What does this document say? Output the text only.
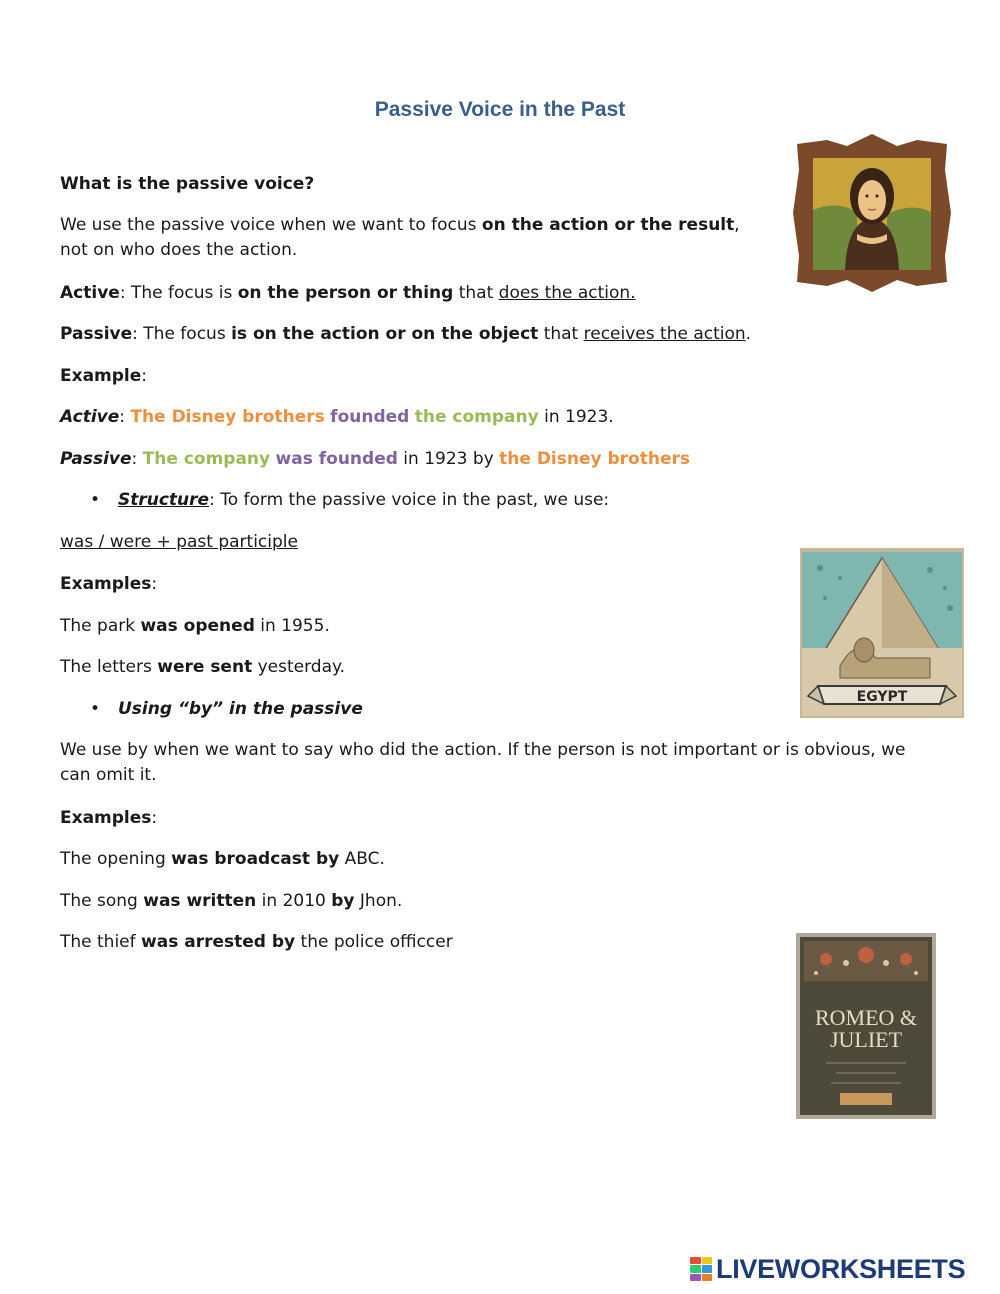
Passive Voice in the Past
What is the passive voice?
We use the passive voice when we want to focus on the action or the result, not on who does the action.
Active: The focus is on the person or thing that does the action.
Passive: The focus is on the action or on the object that receives the action.
Example:
Active: The Disney brothers founded the company in 1923.
Passive: The company was founded in 1923 by the Disney brothers
• Structure: To form the passive voice in the past, we use:
was / were + past participle
Examples:
The park was opened in 1955.
The letters were sent yesterday.
• Using “by” in the passive
We use by when we want to say who did the action. If the person is not important or is obvious, we can omit it.
Examples:
The opening was broadcast by ABC.
The song was written in 2010 by Jhon.
The thief was arrested by the police officcer
EGYPT
ROMEO &
JULIET
LIVEWORKSHEETS
